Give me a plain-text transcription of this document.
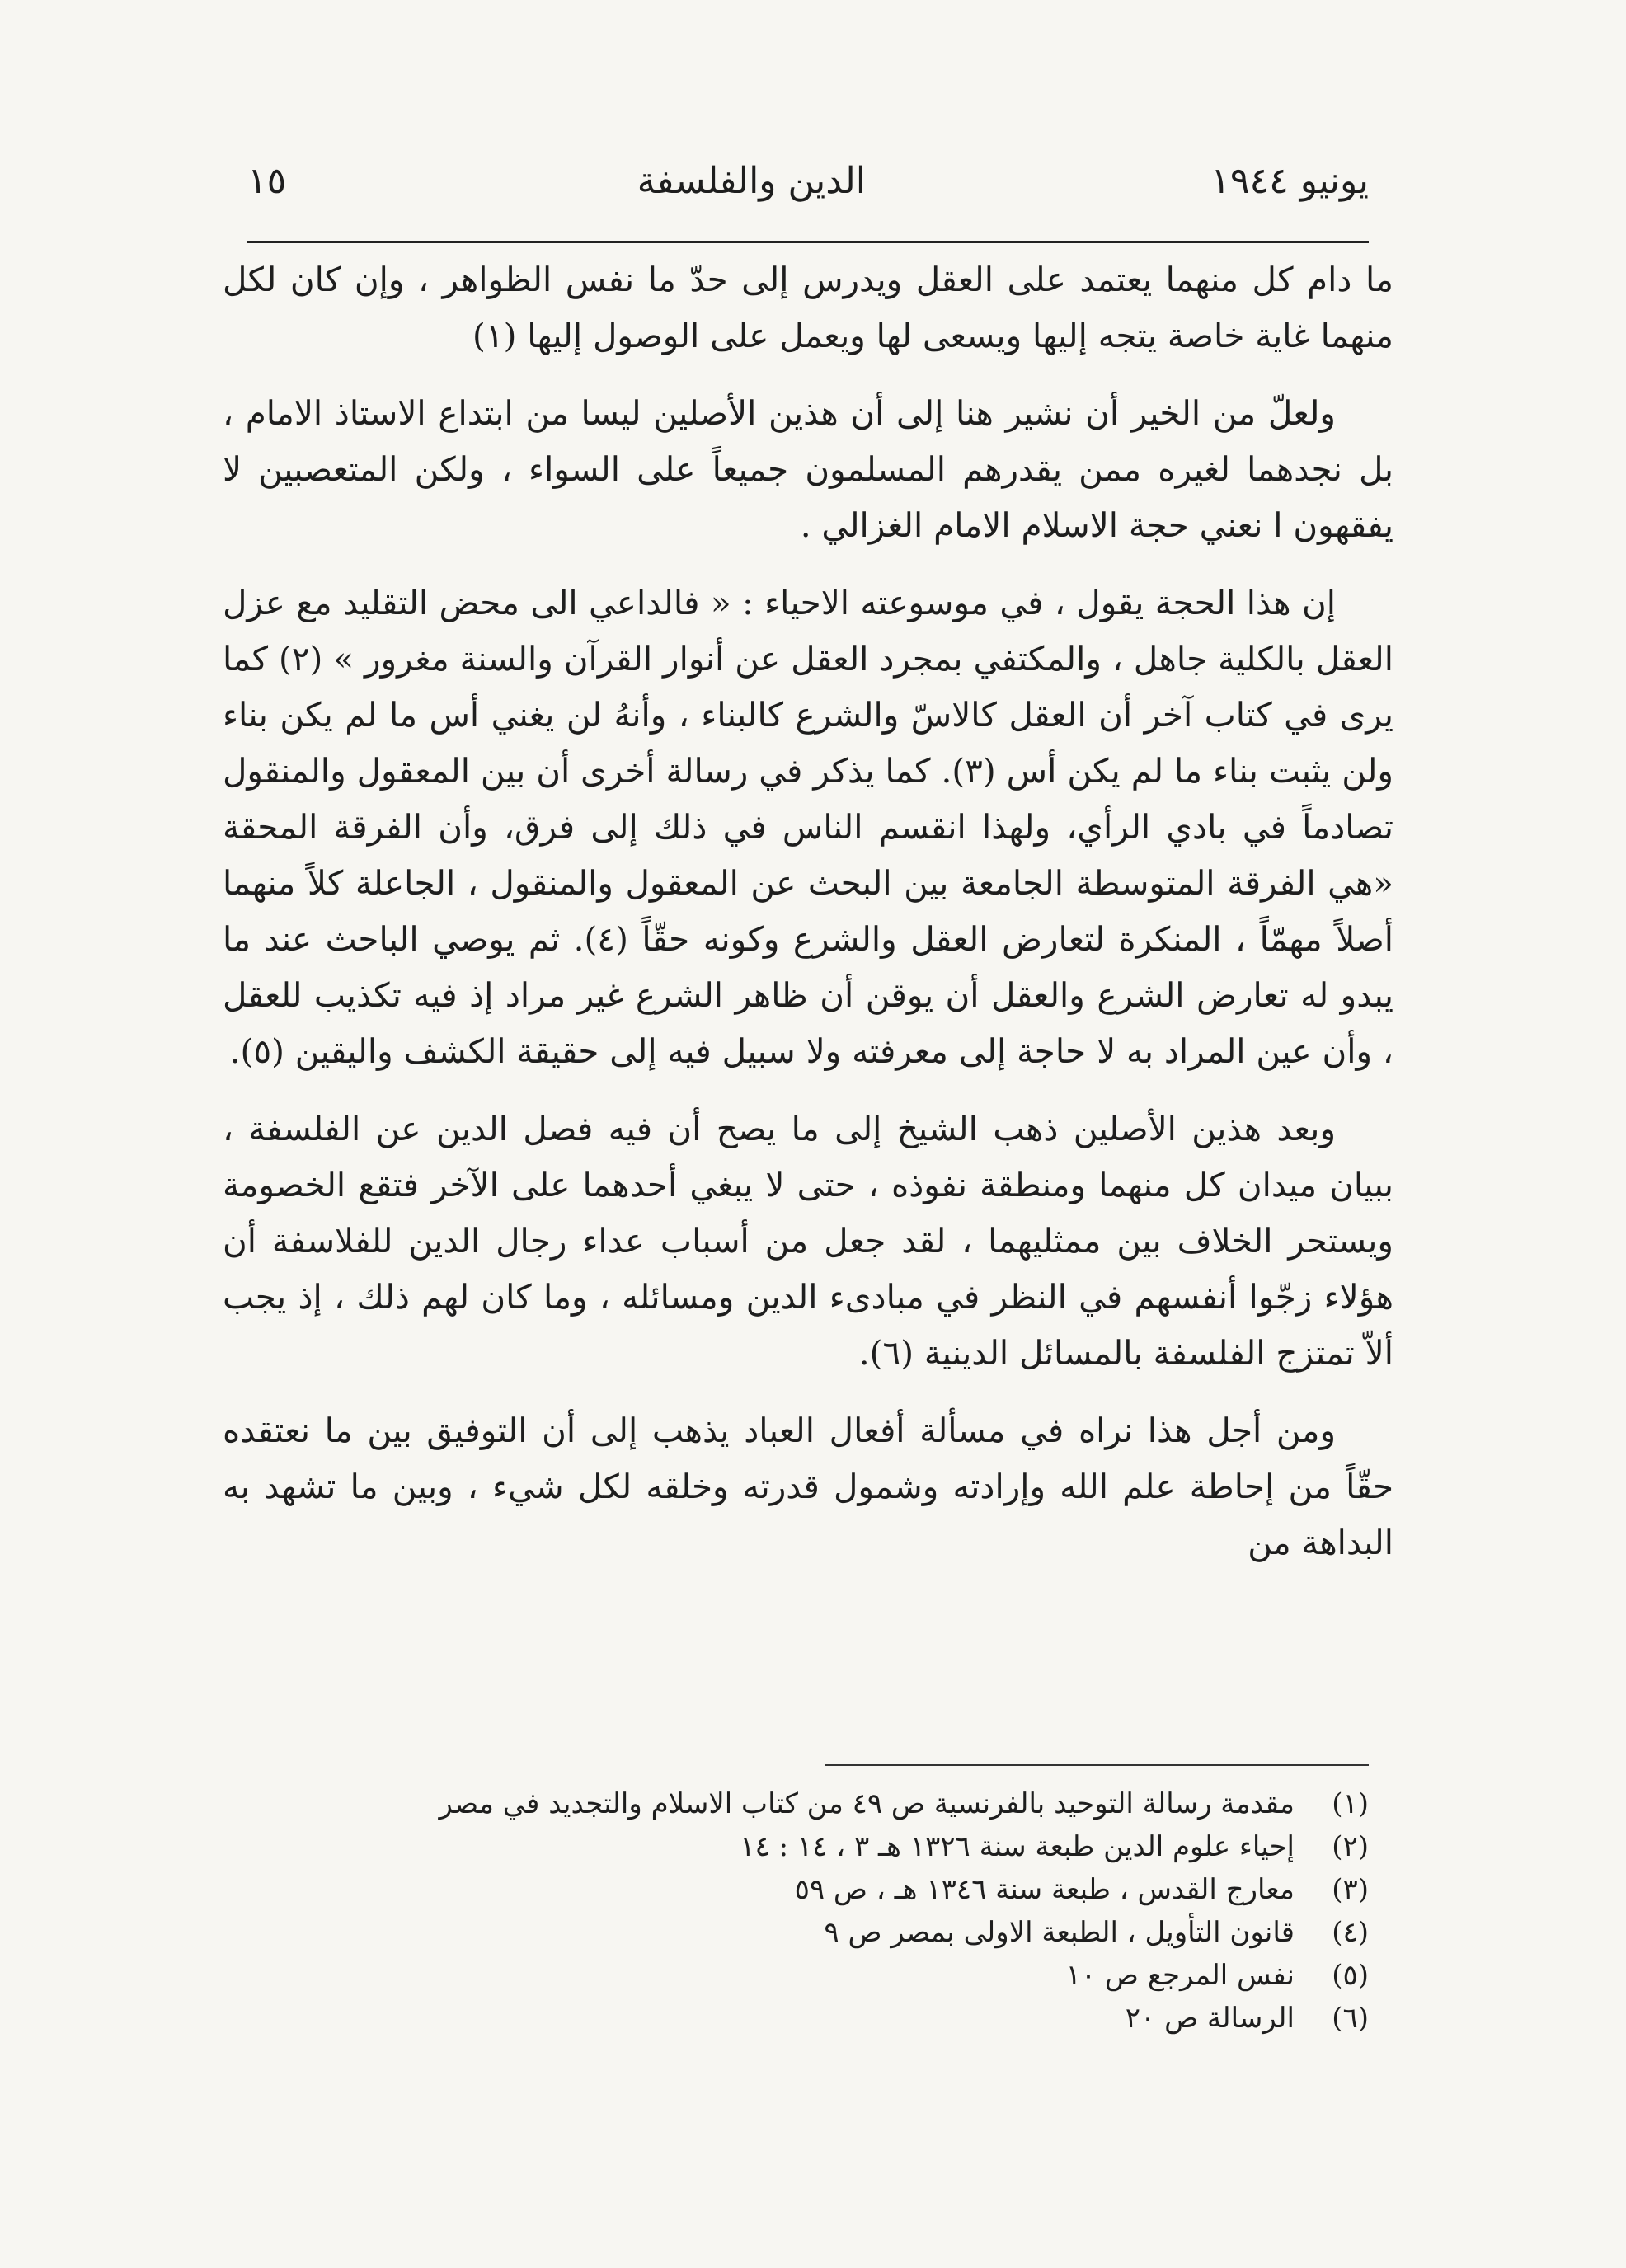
يونيو ١٩٤٤
الدين والفلسفة
١٥

ما دام كل منهما يعتمد على العقل ويدرس إلى حدّ ما نفس الظواهر ، وإن كان لكل منهما غاية خاصة يتجه إليها ويسعى لها ويعمل على الوصول إليها (١)

ولعلّ من الخير أن نشير هنا إلى أن هذين الأصلين ليسا من ابتداع الاستاذ الامام ، بل نجدهما لغيره ممن يقدرهم المسلمون جميعاً على السواء ، ولكن المتعصبين لا يفقهون ا نعني حجة الاسلام الامام الغزالي .

إن هذا الحجة يقول ، في موسوعته الاحياء : « فالداعي الى محض التقليد مع عزل العقل بالكلية جاهل ، والمكتفي بمجرد العقل عن أنوار القرآن والسنة مغرور » (٢) كما يرى في كتاب آخر أن العقل كالاسّ والشرع كالبناء ، وأنهُ لن يغني أس ما لم يكن بناء ولن يثبت بناء ما لم يكن أس (٣). كما يذكر في رسالة أخرى أن بين المعقول والمنقول تصادماً في بادي الرأي، ولهذا انقسم الناس في ذلك إلى فرق، وأن الفرقة المحقة «هي الفرقة المتوسطة الجامعة بين البحث عن المعقول والمنقول ، الجاعلة كلاً منهما أصلاً مهمّاً ، المنكرة لتعارض العقل والشرع وكونه حقّاً (٤). ثم يوصي الباحث عند ما يبدو له تعارض الشرع والعقل أن يوقن أن ظاهر الشرع غير مراد إذ فيه تكذيب للعقل ، وأن عين المراد به لا حاجة إلى معرفته ولا سبيل فيه إلى حقيقة الكشف واليقين (٥).

وبعد هذين الأصلين ذهب الشيخ إلى ما يصح أن فيه فصل الدين عن الفلسفة ، ببيان ميدان كل منهما ومنطقة نفوذه ، حتى لا يبغي أحدهما على الآخر فتقع الخصومة ويستحر الخلاف بين ممثليهما ، لقد جعل من أسباب عداء رجال الدين للفلاسفة أن هؤلاء زجّوا أنفسهم في النظر في مبادىء الدين ومسائله ، وما كان لهم ذلك ، إذ يجب ألاّ تمتزج الفلسفة بالمسائل الدينية (٦).

ومن أجل هذا نراه في مسألة أفعال العباد يذهب إلى أن التوفيق بين ما نعتقده حقّاً من إحاطة علم الله وإرادته وشمول قدرته وخلقه لكل شيء ، وبين ما تشهد به البداهة من

(١)مقدمة رسالة التوحيد بالفرنسية ص ٤٩ من كتاب الاسلام والتجديد في مصر
(٢)إحياء علوم الدين طبعة سنة ١٣٢٦ هـ ٣ ، ١٤ : ١٤
(٣)معارج القدس ، طبعة سنة ١٣٤٦ هـ ، ص ٥٩
(٤)قانون التأويل ، الطبعة الاولى بمصر ص ٩
(٥)نفس المرجع ص ١٠
(٦)الرسالة ص ٢٠
